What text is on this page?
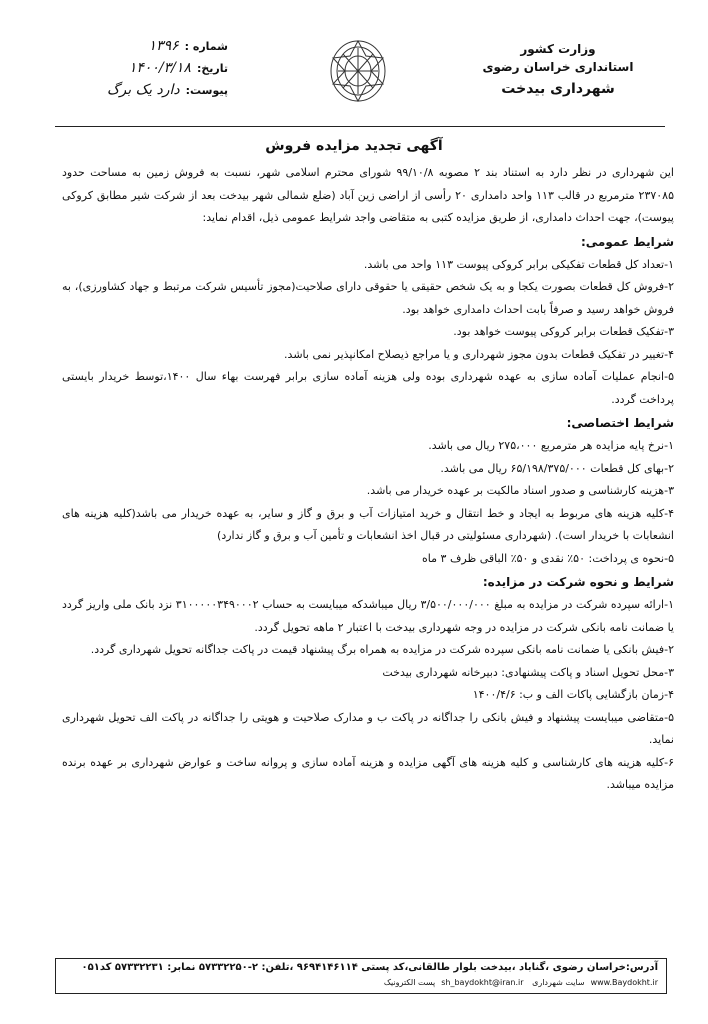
وزارت کشور
استانداری خراسان رضوی
شهرداری بیدخت
شماره :
۱۳۹۶
تاریخ:
۱۴۰۰/۳/۱۸
پیوست:
دارد یک برگ
آگهی تجدید مزایده فروش

این شهرداری در نظر دارد به استناد بند ۲ مصوبه ۹۹/۱۰/۸ شورای محترم اسلامی شهر، نسبت به فروش زمین به مساحت حدود ۲۳۷۰۸۵ مترمربع در قالب ۱۱۳ واحد دامداری ۲۰ رأسی از اراضی زین آباد (ضلع شمالی شهر بیدخت بعد از شرکت شیر مطابق کروکی پیوست)، جهت احداث دامداری، از طریق مزایده کتبی به متقاضی واجد شرایط عمومی ذیل، اقدام نماید:

شرایط عمومی:

۱-تعداد کل قطعات تفکیکی برابر کروکی پیوست ۱۱۳ واحد می باشد.

۲-فروش کل قطعات بصورت یکجا و به یک شخص حقیقی یا حقوقی دارای صلاحیت(مجوز تأسیس شرکت مرتبط و جهاد کشاورزی)، به فروش خواهد رسید و صرفاً بابت احداث دامداری خواهد بود.

۳-تفکیک قطعات برابر کروکی پیوست خواهد بود.

۴-تغییر در تفکیک قطعات بدون مجوز شهرداری و یا مراجع ذیصلاح امکانپذیر نمی باشد.

۵-انجام عملیات آماده سازی به عهده شهرداری بوده ولی هزینه آماده سازی برابر فهرست بهاء سال ۱۴۰۰،توسط خریدار بایستی پرداخت گردد.

شرایط اختصاصی:

۱-نرخ پایه مزایده هر مترمربع ۲۷۵،۰۰۰ ریال می باشد.

۲-بهای کل قطعات ۶۵/۱۹۸/۳۷۵/۰۰۰ ریال می باشد.

۳-هزینه کارشناسی و صدور اسناد مالکیت بر عهده خریدار می باشد.

۴-کلیه هزینه های مربوط به ایجاد و خط انتقال و خرید امتیازات آب و برق و گاز و سایر، به عهده خریدار می باشد(کلیه هزینه های انشعابات با خریدار است). (شهرداری مسئولیتی در قبال اخذ انشعابات و تأمین آب و برق و گاز ندارد)

۵-نحوه ی پرداخت: ۵۰٪ نقدی و ۵۰٪ الباقی ظرف ۳ ماه

شرایط و نحوه شرکت در مزایده:

۱-ارائه سپرده شرکت در مزایده به مبلغ ۳/۵۰۰/۰۰۰/۰۰۰ ریال میباشدکه میبایست به حساب ۳۱۰۰۰۰۰۳۴۹۰۰۰۲ نزد بانک ملی واریز گردد یا ضمانت نامه بانکی شرکت در مزایده در وجه شهرداری بیدخت با اعتبار ۲ ماهه تحویل گردد.

۲-فیش بانکی یا ضمانت نامه بانکی سپرده شرکت در مزایده به همراه برگ پیشنهاد قیمت در پاکت جداگانه تحویل شهرداری گردد.

۳-محل تحویل اسناد و پاکت پیشنهادی: دبیرخانه شهرداری بیدخت

۴-زمان بازگشایی پاکات الف و ب: ۱۴۰۰/۴/۶

۵-متقاضی میبایست پیشنهاد و فیش بانکی را جداگانه در پاکت ب و مدارک صلاحیت و هویتی را جداگانه در پاکت الف تحویل شهرداری نماید.

۶-کلیه هزینه های کارشناسی و کلیه هزینه های آگهی مزایده و هزینه آماده سازی و پروانه ساخت و عوارض شهرداری بر عهده برنده مزایده میباشد.

آدرس:خراسان رضوی ،گناباد ،بیدخت بلوار طالقانی،کد پستی ۹۶۹۴۱۴۶۱۱۴ ،تلفن: ۲-۵۷۳۳۲۲۵۰ نمابر: ۵۷۳۳۲۲۳۱ کد۰۵۱
www.Baydokht.irسایت شهرداری sh_baydokht@iran.irپست الکترونیک
